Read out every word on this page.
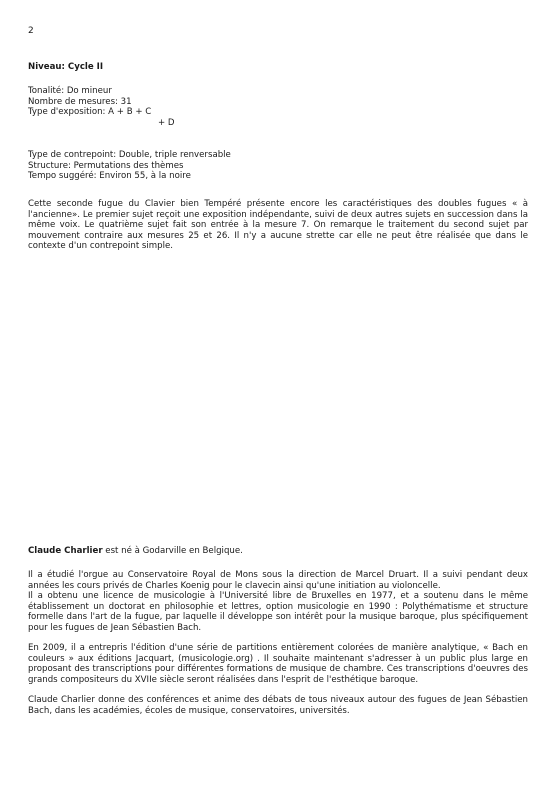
2
Niveau: Cycle II
Tonalité: Do mineur
Nombre de mesures: 31
Type d'exposition: A + B + C
+ D
Type de contrepoint: Double, triple renversable
Structure: Permutations des thèmes
Tempo suggéré: Environ 55, à la noire

Cette seconde fugue du Clavier bien Tempéré présente encore les caractéristiques des doubles fugues « à l'ancienne». Le premier sujet reçoit une exposition indépendante, suivi de deux autres sujets en succession dans la même voix. Le quatrième sujet fait son entrée à la mesure 7. On remarque le traitement du second sujet par mouvement contraire aux mesures 25 et 26. Il n'y a aucune strette car elle ne peut être réalisée que dans le contexte d'un contrepoint simple.

Claude Charlier est né à Godarville en Belgique.

Il a étudié l'orgue au Conservatoire Royal de Mons sous la direction de Marcel Druart. Il a suivi pendant deux années les cours privés de Charles Koenig pour le clavecin ainsi qu'une initiation au violoncelle.

Il a obtenu une licence de musicologie à l'Université libre de Bruxelles en 1977, et a soutenu dans le même établissement un doctorat en philosophie et lettres, option musicologie en 1990 : Polythématisme et structure formelle dans l'art de la fugue, par laquelle il développe son intérêt pour la musique baroque, plus spécifiquement pour les fugues de Jean Sébastien Bach.

En 2009, il a entrepris l'édition d'une série de partitions entièrement colorées de manière analytique, « Bach en couleurs » aux éditions Jacquart, (musicologie.org) . Il souhaite maintenant s'adresser à un public plus large en proposant des transcriptions pour différentes formations de musique de chambre. Ces transcriptions d'oeuvres des grands compositeurs du XVIIe siècle seront réalisées dans l'esprit de l'esthétique baroque.

Claude Charlier donne des conférences et anime des débats de tous niveaux autour des fugues de Jean Sébastien Bach, dans les académies, écoles de musique, conservatoires, universités.
